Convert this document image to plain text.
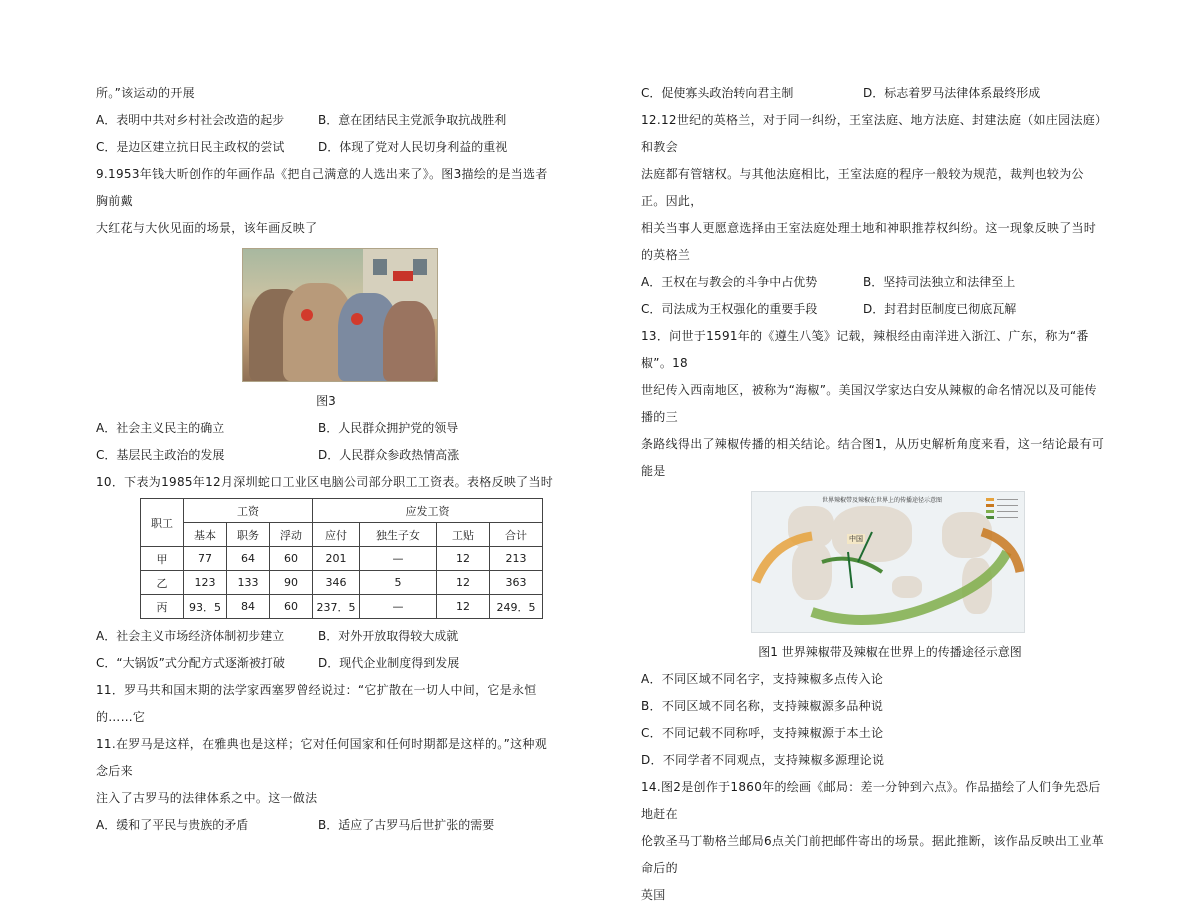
所。”该运动的开展

A．表明中共对乡村社会改造的起步	B．意在团结民主党派争取抗战胜利
C．是边区建立抗日民主政权的尝试	D．体现了党对人民切身利益的重视

9.1953年钱大昕创作的年画作品《把自己满意的人选出来了》。图3描绘的是当选者胸前戴

大红花与大伙见面的场景，该年画反映了

图3
A．社会主义民主的确立	B．人民群众拥护党的领导
C．基层民主政治的发展	D．人民群众参政热情高涨

10．下表为1985年12月深圳蛇口工业区电脑公司部分职工工资表。表格反映了当时

职工	工资			应发工资			
	基本	职务	浮动	应付	独生子女	工贴	合计
甲	77	64	60	201	—	12	213
乙	123	133	90	346	5	12	363
丙	93．5	84	60	237．5	—	12	249．5
A．社会主义市场经济体制初步建立	B．对外开放取得较大成就
C．“大锅饭”式分配方式逐渐被打破	D．现代企业制度得到发展

11．罗马共和国末期的法学家西塞罗曾经说过：“它扩散在一切人中间，它是永恒的……它

11.在罗马是这样，在雅典也是这样；它对任何国家和任何时期都是这样的。”这种观念后来

注入了古罗马的法律体系之中。这一做法

A．缓和了平民与贵族的矛盾	B．适应了古罗马后世扩张的需要
C．促使寡头政治转向君主制	D．标志着罗马法律体系最终形成

12.12世纪的英格兰，对于同一纠纷，王室法庭、地方法庭、封建法庭（如庄园法庭）和教会

法庭都有管辖权。与其他法庭相比，王室法庭的程序一般较为规范，裁判也较为公正。因此，

相关当事人更愿意选择由王室法庭处理土地和神职推荐权纠纷。这一现象反映了当时的英格兰

A．王权在与教会的斗争中占优势	B．坚持司法独立和法律至上
C．司法成为王权强化的重要手段	D．封君封臣制度已彻底瓦解

13．问世于1591年的《遵生八笺》记载，辣根经由南洋进入浙江、广东，称为“番椒”。18

世纪传入西南地区，被称为“海椒”。美国汉学家达白安从辣椒的命名情况以及可能传播的三

条路线得出了辣椒传播的相关结论。结合图1，从历史解析角度来看，这一结论最有可能是

世界辣椒带及辣椒在世界上的传播途径示意图
中国
图1 世界辣椒带及辣椒在世界上的传播途径示意图

A．不同区域不同名字，支持辣椒多点传入论

B．不同区域不同名称，支持辣椒源多品种说

C．不同记载不同称呼，支持辣椒源于本土论

D．不同学者不同观点，支持辣椒多源理论说

14.图2是创作于1860年的绘画《邮局：差一分钟到六点》。作品描绘了人们争先恐后地赶在

伦敦圣马丁勒格兰邮局6点关门前把邮件寄出的场景。据此推断，该作品反映出工业革命后的

英国
